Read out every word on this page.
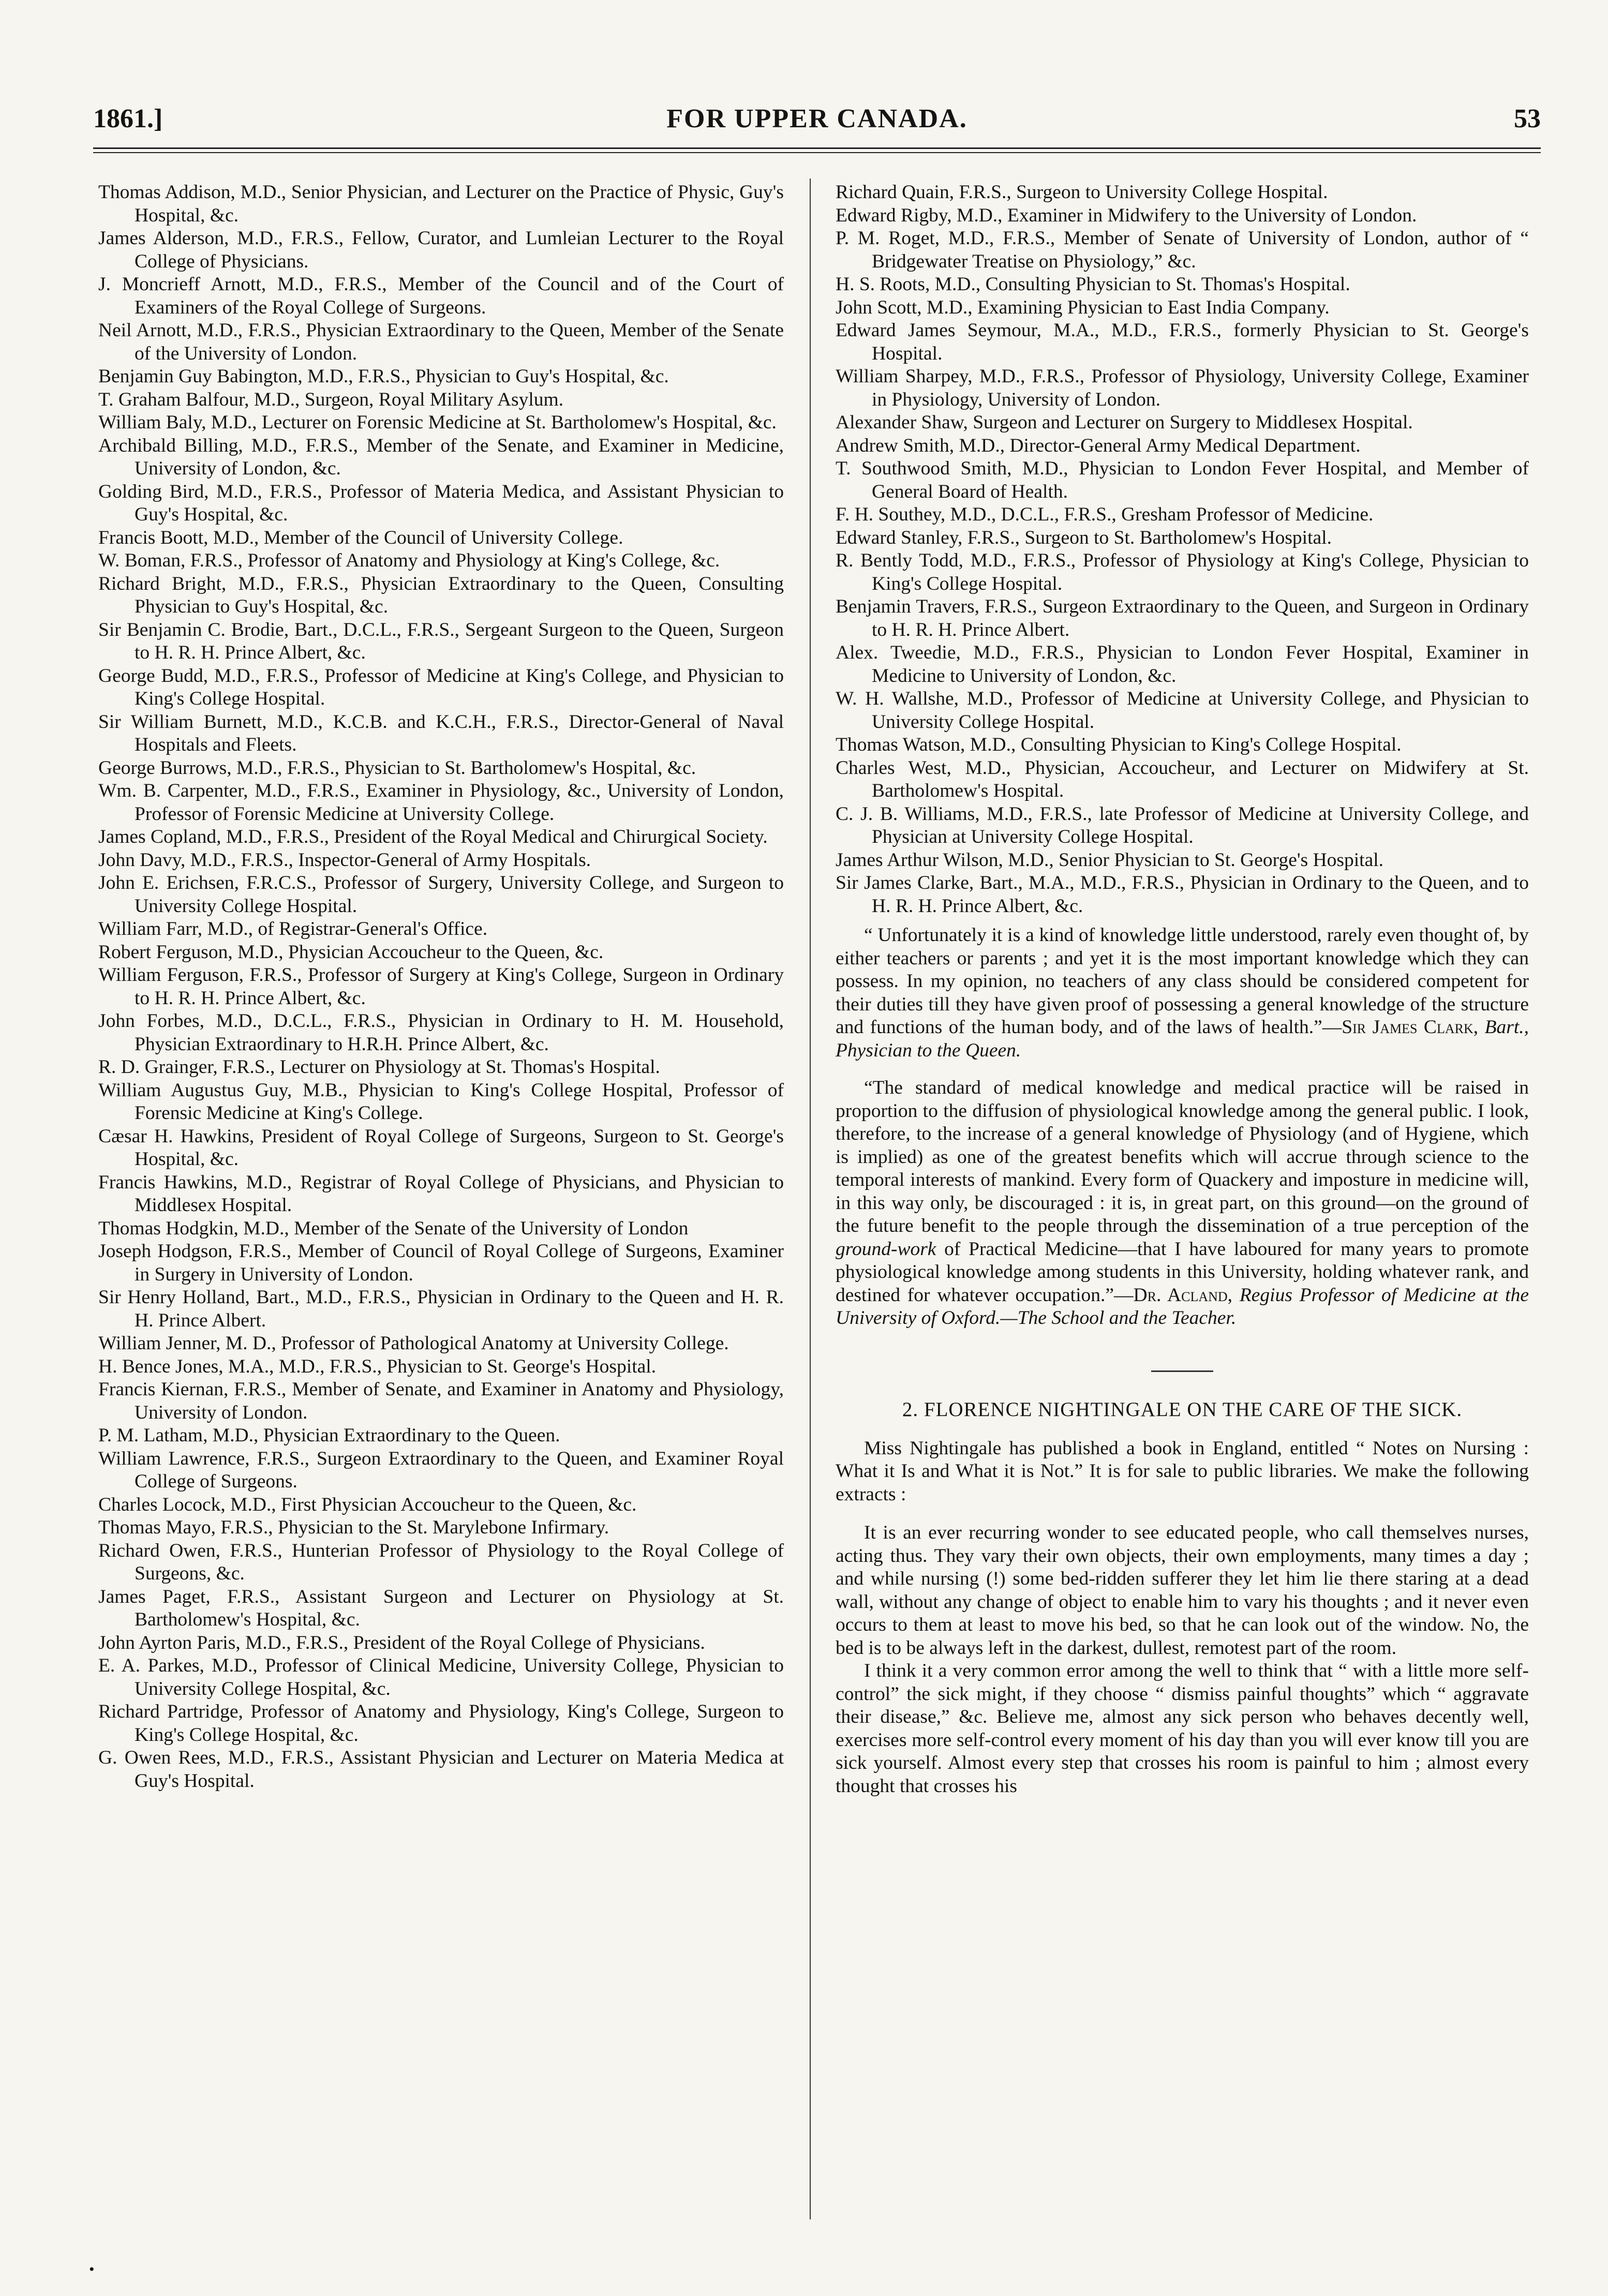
1861.]	FOR UPPER CANADA.	53

Thomas Addison, M.D., Senior Physician, and Lecturer on the Practice of Physic, Guy's Hospital, &c.

James Alderson, M.D., F.R.S., Fellow, Curator, and Lumleian Lecturer to the Royal College of Physicians.

J. Moncrieff Arnott, M.D., F.R.S., Member of the Council and of the Court of Examiners of the Royal College of Surgeons.

Neil Arnott, M.D., F.R.S., Physician Extraordinary to the Queen, Member of the Senate of the University of London.

Benjamin Guy Babington, M.D., F.R.S., Physician to Guy's Hospital, &c.

T. Graham Balfour, M.D., Surgeon, Royal Military Asylum.

William Baly, M.D., Lecturer on Forensic Medicine at St. Bartholomew's Hospital, &c.

Archibald Billing, M.D., F.R.S., Member of the Senate, and Examiner in Medicine, University of London, &c.

Golding Bird, M.D., F.R.S., Professor of Materia Medica, and Assistant Physician to Guy's Hospital, &c.

Francis Boott, M.D., Member of the Council of University College.

W. Boman, F.R.S., Professor of Anatomy and Physiology at King's College, &c.

Richard Bright, M.D., F.R.S., Physician Extraordinary to the Queen, Consulting Physician to Guy's Hospital, &c.

Sir Benjamin C. Brodie, Bart., D.C.L., F.R.S., Sergeant Surgeon to the Queen, Surgeon to H. R. H. Prince Albert, &c.

George Budd, M.D., F.R.S., Professor of Medicine at King's College, and Physician to King's College Hospital.

Sir William Burnett, M.D., K.C.B. and K.C.H., F.R.S., Director-General of Naval Hospitals and Fleets.

George Burrows, M.D., F.R.S., Physician to St. Bartholomew's Hospital, &c.

Wm. B. Carpenter, M.D., F.R.S., Examiner in Physiology, &c., University of London, Professor of Forensic Medicine at University College.

James Copland, M.D., F.R.S., President of the Royal Medical and Chirurgical Society.

John Davy, M.D., F.R.S., Inspector-General of Army Hospitals.

John E. Erichsen, F.R.C.S., Professor of Surgery, University College, and Surgeon to University College Hospital.

William Farr, M.D., of Registrar-General's Office.

Robert Ferguson, M.D., Physician Accoucheur to the Queen, &c.

William Ferguson, F.R.S., Professor of Surgery at King's College, Surgeon in Ordinary to H. R. H. Prince Albert, &c.

John Forbes, M.D., D.C.L., F.R.S., Physician in Ordinary to H. M. Household, Physician Extraordinary to H.R.H. Prince Albert, &c.

R. D. Grainger, F.R.S., Lecturer on Physiology at St. Thomas's Hospital.

William Augustus Guy, M.B., Physician to King's College Hospital, Professor of Forensic Medicine at King's College.

Cæsar H. Hawkins, President of Royal College of Surgeons, Surgeon to St. George's Hospital, &c.

Francis Hawkins, M.D., Registrar of Royal College of Physicians, and Physician to Middlesex Hospital.

Thomas Hodgkin, M.D., Member of the Senate of the University of London

Joseph Hodgson, F.R.S., Member of Council of Royal College of Surgeons, Examiner in Surgery in University of London.

Sir Henry Holland, Bart., M.D., F.R.S., Physician in Ordinary to the Queen and H. R. H. Prince Albert.

William Jenner, M. D., Professor of Pathological Anatomy at University College.

H. Bence Jones, M.A., M.D., F.R.S., Physician to St. George's Hospital.

Francis Kiernan, F.R.S., Member of Senate, and Examiner in Anatomy and Physiology, University of London.

P. M. Latham, M.D., Physician Extraordinary to the Queen.

William Lawrence, F.R.S., Surgeon Extraordinary to the Queen, and Examiner Royal College of Surgeons.

Charles Locock, M.D., First Physician Accoucheur to the Queen, &c.

Thomas Mayo, F.R.S., Physician to the St. Marylebone Infirmary.

Richard Owen, F.R.S., Hunterian Professor of Physiology to the Royal College of Surgeons, &c.

James Paget, F.R.S., Assistant Surgeon and Lecturer on Physiology at St. Bartholomew's Hospital, &c.

John Ayrton Paris, M.D., F.R.S., President of the Royal College of Physicians.

E. A. Parkes, M.D., Professor of Clinical Medicine, University College, Physician to University College Hospital, &c.

Richard Partridge, Professor of Anatomy and Physiology, King's College, Surgeon to King's College Hospital, &c.

G. Owen Rees, M.D., F.R.S., Assistant Physician and Lecturer on Materia Medica at Guy's Hospital.

Richard Quain, F.R.S., Surgeon to University College Hospital.

Edward Rigby, M.D., Examiner in Midwifery to the University of London.

P. M. Roget, M.D., F.R.S., Member of Senate of University of London, author of “ Bridgewater Treatise on Physiology,” &c.

H. S. Roots, M.D., Consulting Physician to St. Thomas's Hospital.

John Scott, M.D., Examining Physician to East India Company.

Edward James Seymour, M.A., M.D., F.R.S., formerly Physician to St. George's Hospital.

William Sharpey, M.D., F.R.S., Professor of Physiology, University College, Examiner in Physiology, University of London.

Alexander Shaw, Surgeon and Lecturer on Surgery to Middlesex Hospital.

Andrew Smith, M.D., Director-General Army Medical Department.

T. Southwood Smith, M.D., Physician to London Fever Hospital, and Member of General Board of Health.

F. H. Southey, M.D., D.C.L., F.R.S., Gresham Professor of Medicine.

Edward Stanley, F.R.S., Surgeon to St. Bartholomew's Hospital.

R. Bently Todd, M.D., F.R.S., Professor of Physiology at King's College, Physician to King's College Hospital.

Benjamin Travers, F.R.S., Surgeon Extraordinary to the Queen, and Surgeon in Ordinary to H. R. H. Prince Albert.

Alex. Tweedie, M.D., F.R.S., Physician to London Fever Hospital, Examiner in Medicine to University of London, &c.

W. H. Wallshe, M.D., Professor of Medicine at University College, and Physician to University College Hospital.

Thomas Watson, M.D., Consulting Physician to King's College Hospital.

Charles West, M.D., Physician, Accoucheur, and Lecturer on Midwifery at St. Bartholomew's Hospital.

C. J. B. Williams, M.D., F.R.S., late Professor of Medicine at University College, and Physician at University College Hospital.

James Arthur Wilson, M.D., Senior Physician to St. George's Hospital.

Sir James Clarke, Bart., M.A., M.D., F.R.S., Physician in Ordinary to the Queen, and to H. R. H. Prince Albert, &c.

“ Unfortunately it is a kind of knowledge little understood, rarely even thought of, by either teachers or parents ; and yet it is the most important knowledge which they can possess. In my opinion, no teachers of any class should be considered competent for their duties till they have given proof of possessing a general knowledge of the structure and functions of the human body, and of the laws of health.”—Sir James Clark, Bart., Physician to the Queen.

“The standard of medical knowledge and medical practice will be raised in proportion to the diffusion of physiological knowledge among the general public. I look, therefore, to the increase of a general knowledge of Physiology (and of Hygiene, which is implied) as one of the greatest benefits which will accrue through science to the temporal interests of mankind. Every form of Quackery and imposture in medicine will, in this way only, be discouraged : it is, in great part, on this ground—on the ground of the future benefit to the people through the dissemination of a true perception of the ground-work of Practical Medicine—that I have laboured for many years to promote physiological knowledge among students in this University, holding whatever rank, and destined for whatever occupation.”—Dr. Acland, Regius Professor of Medicine at the University of Oxford.—The School and the Teacher.

2. FLORENCE NIGHTINGALE ON THE CARE OF THE SICK.

Miss Nightingale has published a book in England, entitled “ Notes on Nursing : What it Is and What it is Not.” It is for sale to public libraries. We make the following extracts :

It is an ever recurring wonder to see educated people, who call themselves nurses, acting thus. They vary their own objects, their own employments, many times a day ; and while nursing (!) some bed-ridden sufferer they let him lie there staring at a dead wall, without any change of object to enable him to vary his thoughts ; and it never even occurs to them at least to move his bed, so that he can look out of the window. No, the bed is to be always left in the darkest, dullest, remotest part of the room.

I think it a very common error among the well to think that “ with a little more self-control” the sick might, if they choose “ dismiss painful thoughts” which “ aggravate their disease,” &c. Believe me, almost any sick person who behaves decently well, exercises more self-control every moment of his day than you will ever know till you are sick yourself. Almost every step that crosses his room is painful to him ; almost every thought that crosses his

•
